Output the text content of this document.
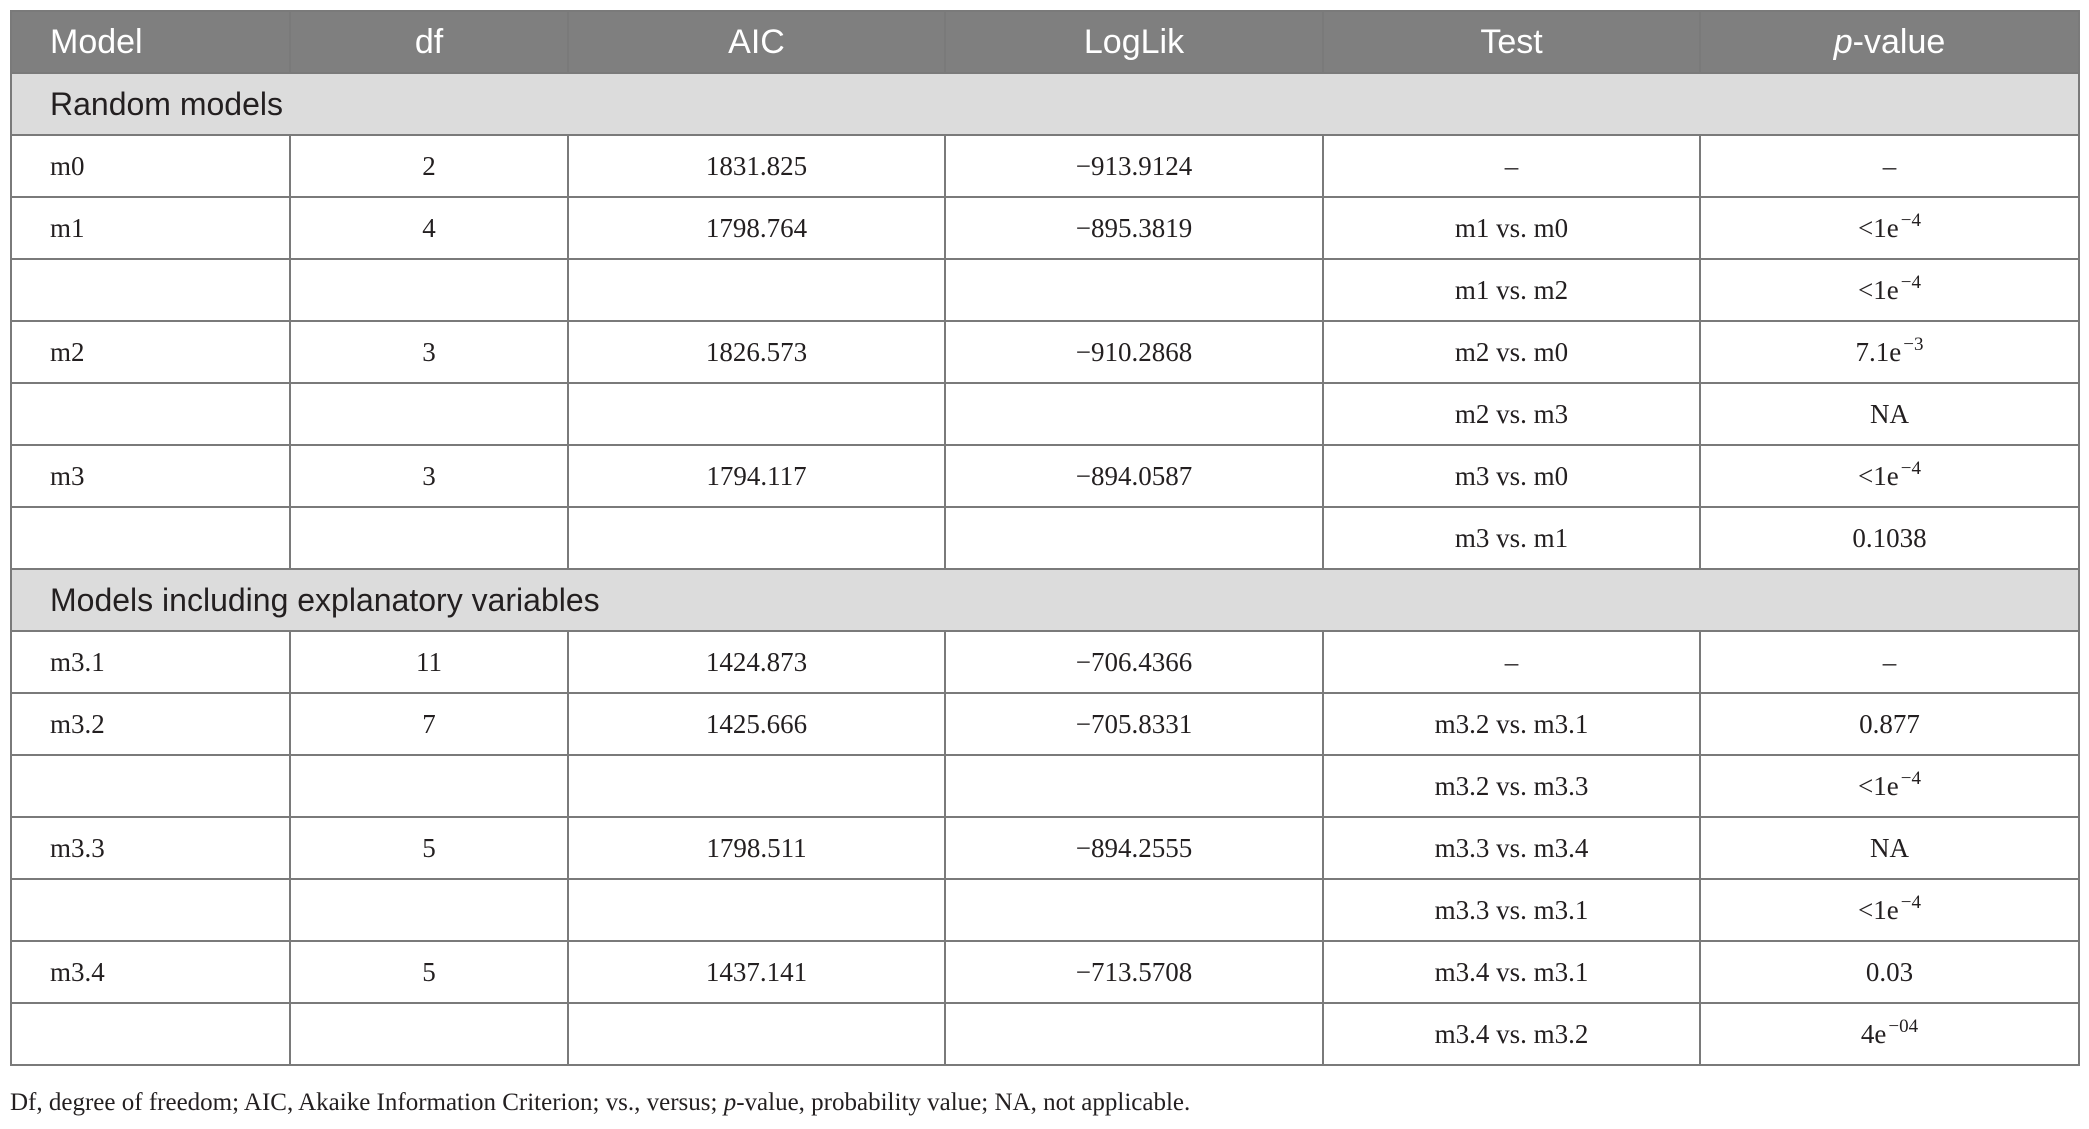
Model	df	AIC	LogLik	Test	p-value
Random models					
m0	2	1831.825	−913.9124	–	–
m1	4	1798.764	−895.3819	m1 vs. m0	<1e $^{-4}$
				m1 vs. m2	<1e $^{-4}$
m2	3	1826.573	−910.2868	m2 vs. m0	7.1e $^{-3}$
				m2 vs. m3	NA
m3	3	1794.117	−894.0587	m3 vs. m0	<1e $^{-4}$
				m3 vs. m1	0.1038
Models including explanatory variables					
m3.1	11	1424.873	−706.4366	–	–
m3.2	7	1425.666	−705.8331	m3.2 vs. m3.1	0.877
				m3.2 vs. m3.3	<1e $^{-4}$
m3.3	5	1798.511	−894.2555	m3.3 vs. m3.4	NA
				m3.3 vs. m3.1	<1e $^{-4}$
m3.4	5	1437.141	−713.5708	m3.4 vs. m3.1	0.03
				m3.4 vs. m3.2	4e $^{-04}$
Df, degree of freedom; AIC, Akaike Information Criterion; vs., versus; p-value, probability value; NA, not applicable.
